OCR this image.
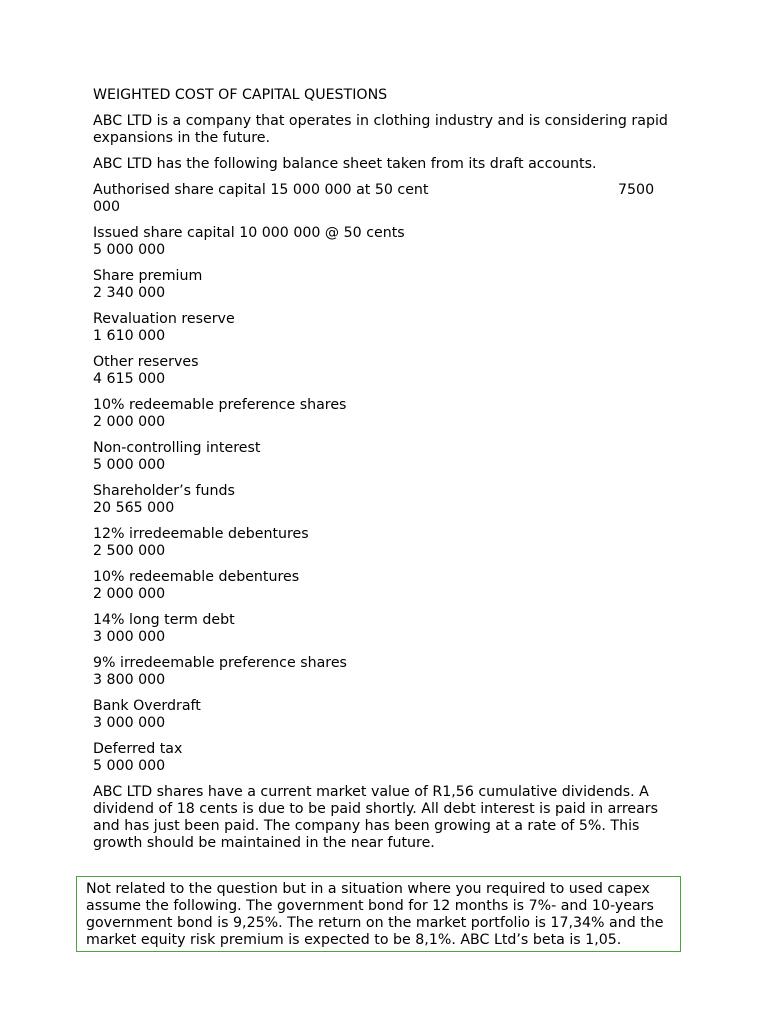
WEIGHTED COST OF CAPITAL QUESTIONS

ABC LTD is a company that operates in clothing industry and is considering rapid expansions in the future.

ABC LTD has the following balance sheet taken from its draft accounts.

Authorised share capital 15 000 000 at 50 cent	7500
000
Issued share capital 10 000 000 @ 50 cents
5 000 000
Share premium
2 340 000
Revaluation reserve
1 610 000
Other reserves
4 615 000
10% redeemable preference shares
2 000 000
Non-controlling interest
5 000 000
Shareholder’s funds
20 565 000
12% irredeemable debentures
2 500 000
10% redeemable debentures
2 000 000
14% long term debt
3 000 000
9% irredeemable preference shares
3 800 000
Bank Overdraft
3 000 000
Deferred tax
5 000 000

ABC LTD shares have a current market value of R1,56 cumulative dividends. A dividend of 18 cents is due to be paid shortly. All debt interest is paid in arrears and has just been paid. The company has been growing at a rate of 5%. This growth should be maintained in the near future.

Not related to the question but in a situation where you required to used capex assume the following. The government bond for 12 months is 7%- and 10-years government bond is 9,25%. The return on the market portfolio is 17,34% and the market equity risk premium is expected to be 8,1%. ABC Ltd’s beta is 1,05.
